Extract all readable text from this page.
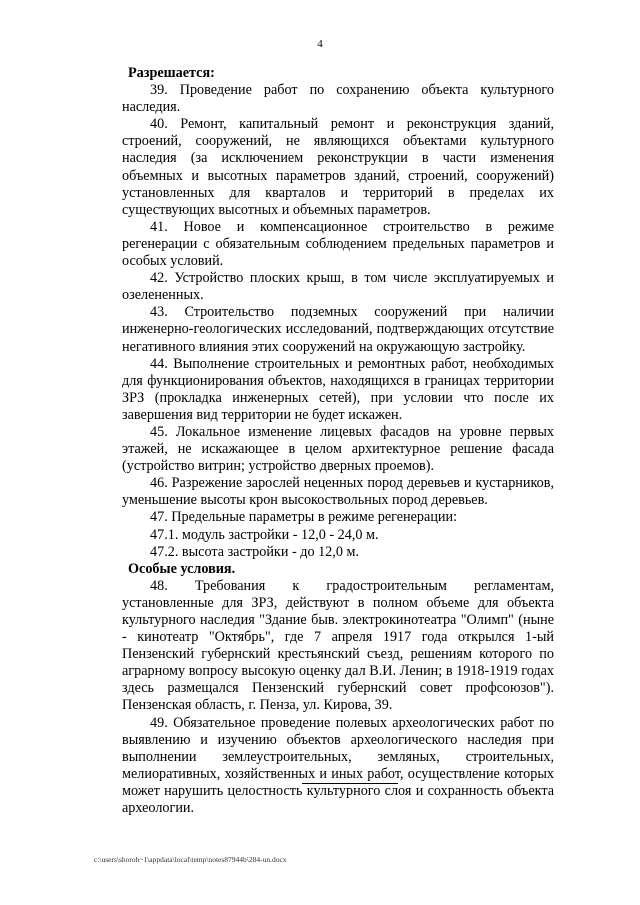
4

Разрешается:

39. Проведение работ по сохранению объекта культурного наследия.

40. Ремонт, капитальный ремонт и реконструкция зданий, строений, сооружений, не являющихся объектами культурного наследия (за исключением реконструкции в части изменения объемных и высотных параметров зданий, строений, сооружений) установленных для кварталов и территорий в пределах их существующих высотных и объемных параметров.

41. Новое и компенсационное строительство в режиме регенерации с обязательным соблюдением предельных параметров и особых условий.

42. Устройство плоских крыш, в том числе эксплуатируемых и озелененных.

43. Строительство подземных сооружений при наличии инженерно-геологических исследований, подтверждающих отсутствие негативного влияния этих сооружений на окружающую застройку.

44. Выполнение строительных и ремонтных работ, необходимых для функционирования объектов, находящихся в границах территории ЗРЗ (прокладка инженерных сетей), при условии что после их завершения вид территории не будет искажен.

45. Локальное изменение лицевых фасадов на уровне первых этажей, не искажающее в целом архитектурное решение фасада (устройство витрин; устройство дверных проемов).

46. Разрежение зарослей неценных пород деревьев и кустарников, уменьшение высоты крон высокоствольных пород деревьев.

47. Предельные параметры в режиме регенерации:

47.1. модуль застройки - 12,0 - 24,0 м.

47.2. высота застройки - до 12,0 м.

Особые условия.

48. Требования к градостроительным регламентам, установленные для ЗРЗ, действуют в полном объеме для объекта культурного наследия "Здание быв. электрокинотеатра "Олимп" (ныне - кинотеатр "Октябрь", где 7 апреля 1917 года открылся 1-ый Пензенский губернский крестьянский съезд, решениям которого по аграрному вопросу высокую оценку дал В.И. Ленин; в 1918-1919 годах здесь размещался Пензенский губернский совет профсоюзов"). Пензенская область, г. Пенза, ул. Кирова, 39.

49. Обязательное проведение полевых археологических работ по выявлению и изучению объектов археологического наследия при выполнении землеустроительных, земляных, строительных, мелиоративных, хозяйственных и иных работ, осуществление которых может нарушить целостность культурного слоя и сохранность объекта археологии.

c:\users\shoroh~1\appdata\local\temp\notes87944b\284-un.docx
